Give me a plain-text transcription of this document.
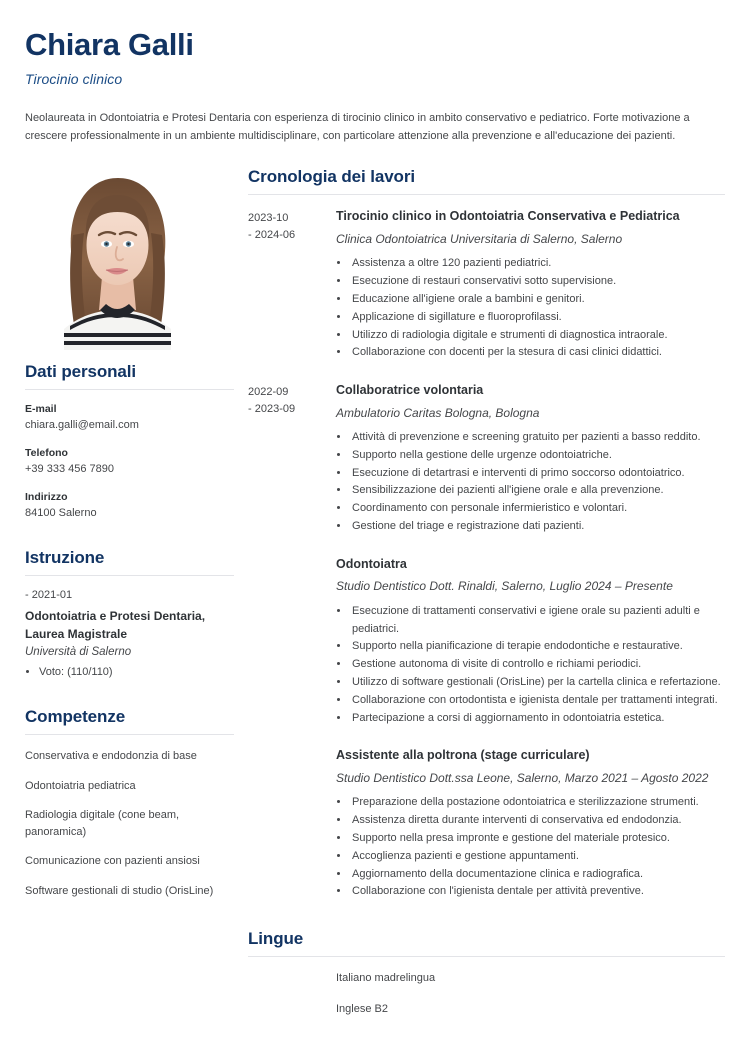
Chiara Galli
Tirocinio clinico

Neolaureata in Odontoiatria e Protesi Dentaria con esperienza di tirocinio clinico in ambito conservativo e pediatrico. Forte motivazione a crescere professionalmente in un ambiente multidisciplinare, con particolare attenzione alla prevenzione e all'educazione dei pazienti.

Dati personali
E-mail
chiara.galli@email.com
Telefono
+39 333 456 7890
Indirizzo
84100 Salerno
Istruzione
- 2021-01
Odontoiatria e Protesi Dentaria, Laurea Magistrale
Università di Salerno
• Voto: (110/110)
Competenze
Conservativa e endodonzia di base
Odontoiatria pediatrica
Radiologia digitale (cone beam, panoramica)
Comunicazione con pazienti ansiosi
Software gestionali di studio (OrisLine)
Cronologia dei lavori
2023-10
- 2024-06
Tirocinio clinico in Odontoiatria Conservativa e Pediatrica
Clinica Odontoiatrica Universitaria di Salerno, Salerno
• Assistenza a oltre 120 pazienti pediatrici.
• Esecuzione di restauri conservativi sotto supervisione.
• Educazione all'igiene orale a bambini e genitori.
• Applicazione di sigillature e fluoroprofilassi.
• Utilizzo di radiologia digitale e strumenti di diagnostica intraorale.
• Collaborazione con docenti per la stesura di casi clinici didattici.
2022-09
- 2023-09
Collaboratrice volontaria
Ambulatorio Caritas Bologna, Bologna
• Attività di prevenzione e screening gratuito per pazienti a basso reddito.
• Supporto nella gestione delle urgenze odontoiatriche.
• Esecuzione di detartrasi e interventi di primo soccorso odontoiatrico.
• Sensibilizzazione dei pazienti all'igiene orale e alla prevenzione.
• Coordinamento con personale infermieristico e volontari.
• Gestione del triage e registrazione dati pazienti.
Odontoiatra
Studio Dentistico Dott. Rinaldi, Salerno, Luglio 2024 – Presente
• Esecuzione di trattamenti conservativi e igiene orale su pazienti adulti e pediatrici.
• Supporto nella pianificazione di terapie endodontiche e restaurative.
• Gestione autonoma di visite di controllo e richiami periodici.
• Utilizzo di software gestionali (OrisLine) per la cartella clinica e refertazione.
• Collaborazione con ortodontista e igienista dentale per trattamenti integrati.
• Partecipazione a corsi di aggiornamento in odontoiatria estetica.
Assistente alla poltrona (stage curriculare)
Studio Dentistico Dott.ssa Leone, Salerno, Marzo 2021 – Agosto 2022
• Preparazione della postazione odontoiatrica e sterilizzazione strumenti.
• Assistenza diretta durante interventi di conservativa ed endodonzia.
• Supporto nella presa impronte e gestione del materiale protesico.
• Accoglienza pazienti e gestione appuntamenti.
• Aggiornamento della documentazione clinica e radiografica.
• Collaborazione con l'igienista dentale per attività preventive.
Lingue
Italiano madrelingua
Inglese B2
